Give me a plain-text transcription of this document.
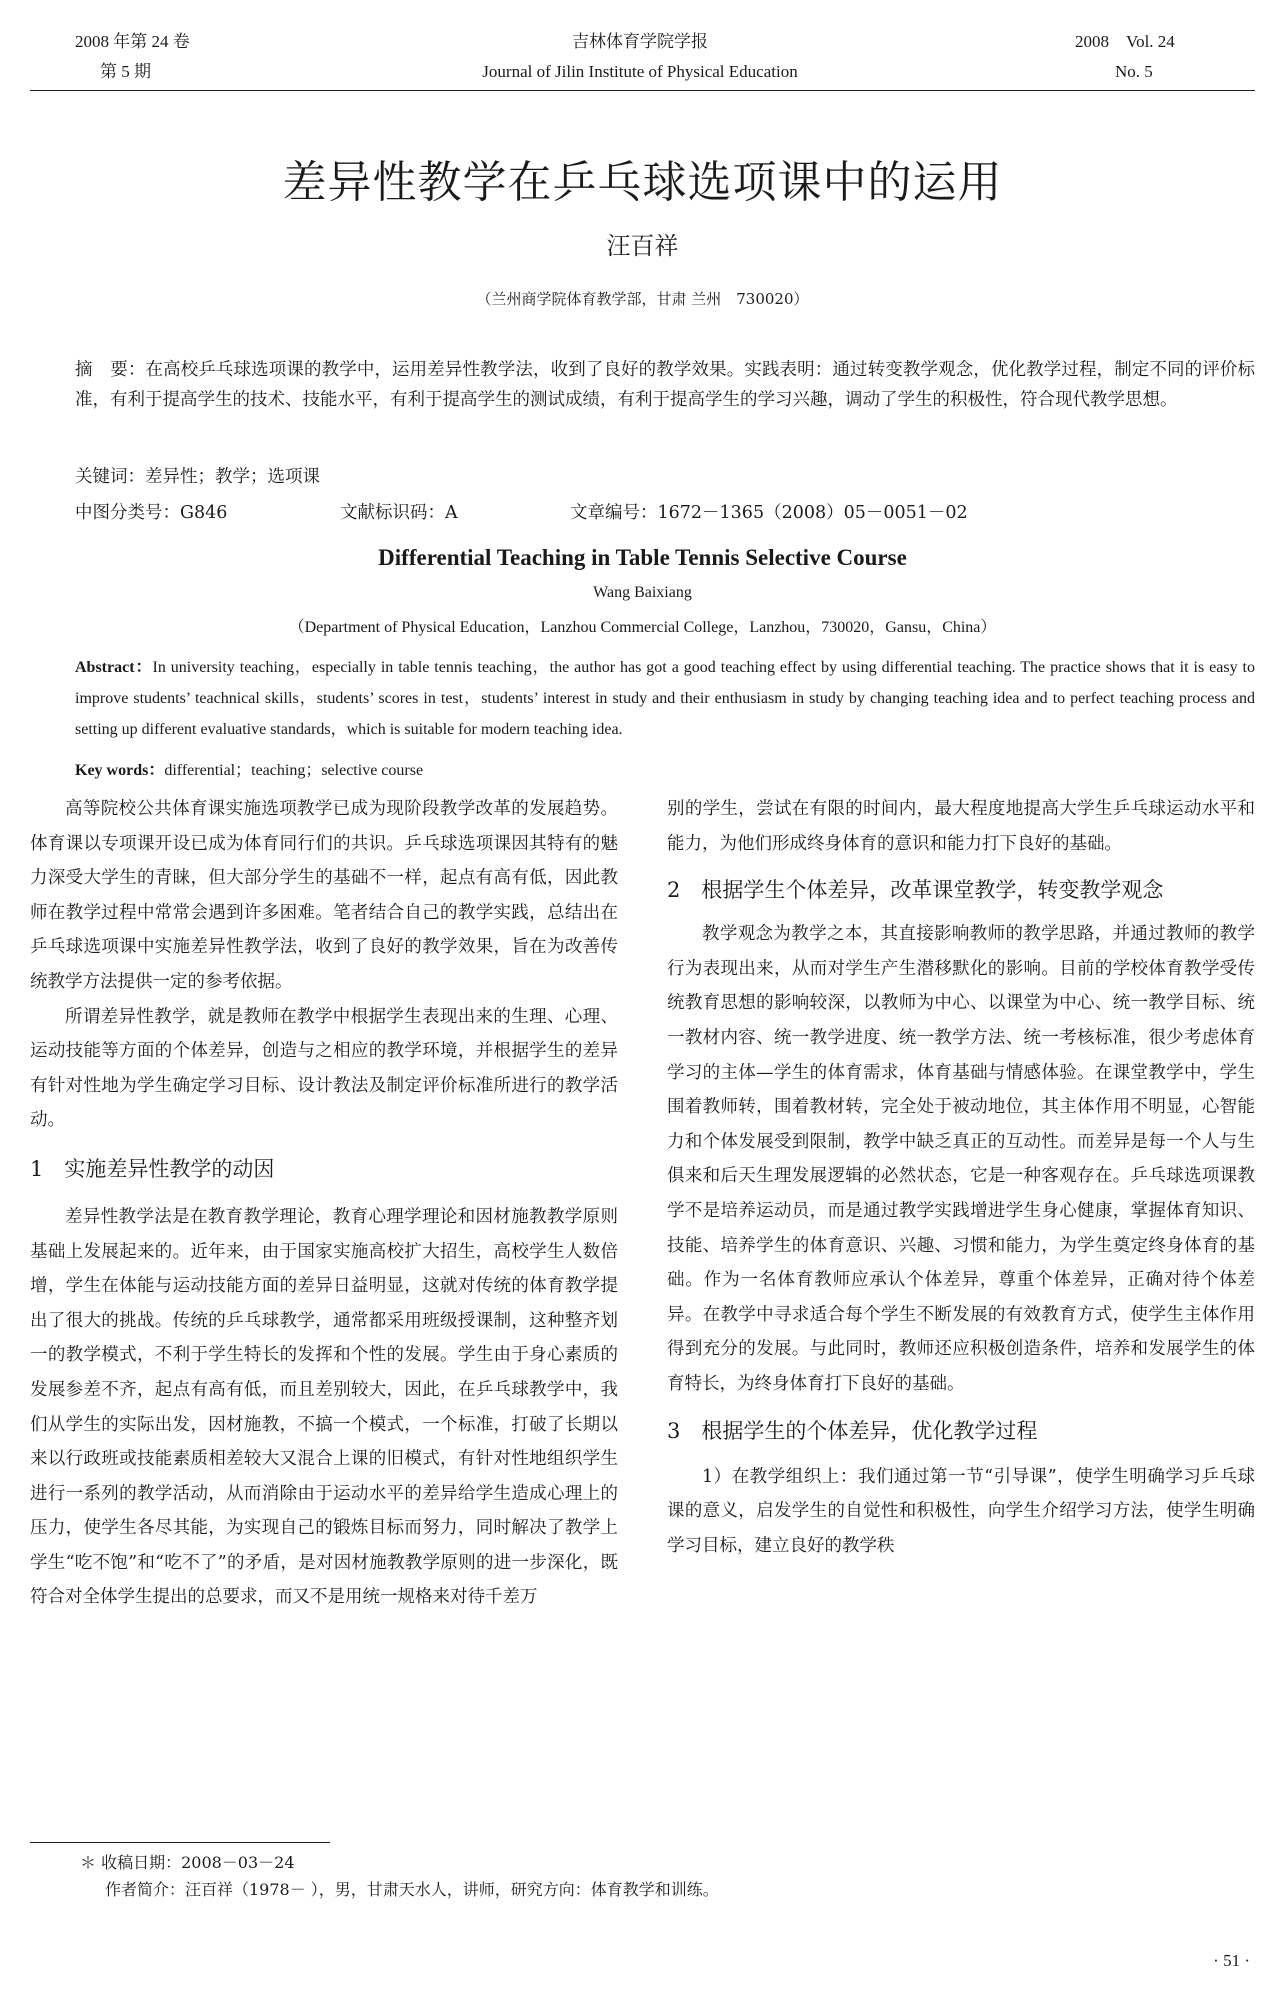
2008 年第 24 卷
第 5 期
吉林体育学院学报
Journal of Jilin Institute of Physical Education
2008　Vol. 24
No. 5
差异性教学在乒乓球选项课中的运用
汪百祥
（兰州商学院体育教学部，甘肃 兰州　730020）
摘　要：在高校乒乓球选项课的教学中，运用差异性教学法，收到了良好的教学效果。实践表明：通过转变教学观念，优化教学过程，制定不同的评价标准，有利于提高学生的技术、技能水平，有利于提高学生的测试成绩，有利于提高学生的学习兴趣，调动了学生的积极性，符合现代教学思想。
关键词：差异性；教学；选项课
中图分类号：G846	文献标识码：A	文章编号：1672－1365（2008）05－0051－02
Differential Teaching in Table Tennis Selective Course
Wang Baixiang
（Department of Physical Education，Lanzhou Commercial College，Lanzhou，730020，Gansu，China）
Abstract：In university teaching，especially in table tennis teaching，the author has got a good teaching effect by using differential teaching. The practice shows that it is easy to improve students’ teachnical skills，students’ scores in test，students’ interest in study and their enthusiasm in study by changing teaching idea and to perfect teaching process and setting up different evaluative standards，which is suitable for modern teaching idea.
Key words：differential；teaching；selective course

高等院校公共体育课实施选项教学已成为现阶段教学改革的发展趋势。体育课以专项课开设已成为体育同行们的共识。乒乓球选项课因其特有的魅力深受大学生的青睐，但大部分学生的基础不一样，起点有高有低，因此教师在教学过程中常常会遇到许多困难。笔者结合自己的教学实践，总结出在乒乓球选项课中实施差异性教学法，收到了良好的教学效果，旨在为改善传统教学方法提供一定的参考依据。

所谓差异性教学，就是教师在教学中根据学生表现出来的生理、心理、运动技能等方面的个体差异，创造与之相应的教学环境，并根据学生的差异有针对性地为学生确定学习目标、设计教法及制定评价标准所进行的教学活动。

1　实施差异性教学的动因

差异性教学法是在教育教学理论，教育心理学理论和因材施教教学原则基础上发展起来的。近年来，由于国家实施高校扩大招生，高校学生人数倍增，学生在体能与运动技能方面的差异日益明显，这就对传统的体育教学提出了很大的挑战。传统的乒乓球教学，通常都采用班级授课制，这种整齐划一的教学模式，不利于学生特长的发挥和个性的发展。学生由于身心素质的发展参差不齐，起点有高有低，而且差别较大，因此，在乒乓球教学中，我们从学生的实际出发，因材施教，不搞一个模式，一个标准，打破了长期以来以行政班或技能素质相差较大又混合上课的旧模式，有针对性地组织学生进行一系列的教学活动，从而消除由于运动水平的差异给学生造成心理上的压力，使学生各尽其能，为实现自己的锻炼目标而努力，同时解决了教学上学生“吃不饱”和“吃不了”的矛盾，是对因材施教教学原则的进一步深化，既符合对全体学生提出的总要求，而又不是用统一规格来对待千差万

别的学生，尝试在有限的时间内，最大程度地提高大学生乒乓球运动水平和能力，为他们形成终身体育的意识和能力打下良好的基础。

2　根据学生个体差异，改革课堂教学，转变教学观念

教学观念为教学之本，其直接影响教师的教学思路，并通过教师的教学行为表现出来，从而对学生产生潜移默化的影响。目前的学校体育教学受传统教育思想的影响较深，以教师为中心、以课堂为中心、统一教学目标、统一教材内容、统一教学进度、统一教学方法、统一考核标准，很少考虑体育学习的主体—学生的体育需求，体育基础与情感体验。在课堂教学中，学生围着教师转，围着教材转，完全处于被动地位，其主体作用不明显，心智能力和个体发展受到限制，教学中缺乏真正的互动性。而差异是每一个人与生俱来和后天生理发展逻辑的必然状态，它是一种客观存在。乒乓球选项课教学不是培养运动员，而是通过教学实践增进学生身心健康，掌握体育知识、技能、培养学生的体育意识、兴趣、习惯和能力，为学生奠定终身体育的基础。作为一名体育教师应承认个体差异，尊重个体差异，正确对待个体差异。在教学中寻求适合每个学生不断发展的有效教育方式，使学生主体作用得到充分的发展。与此同时，教师还应积极创造条件，培养和发展学生的体育特长，为终身体育打下良好的基础。

3　根据学生的个体差异，优化教学过程

1）在教学组织上：我们通过第一节“引导课”，使学生明确学习乒乓球课的意义，启发学生的自觉性和积极性，向学生介绍学习方法，使学生明确学习目标，建立良好的教学秩

＊ 收稿日期：2008－03－24
作者简介：汪百祥（1978－ ），男，甘肃天水人，讲师，研究方向：体育教学和训练。
· 51 ·
